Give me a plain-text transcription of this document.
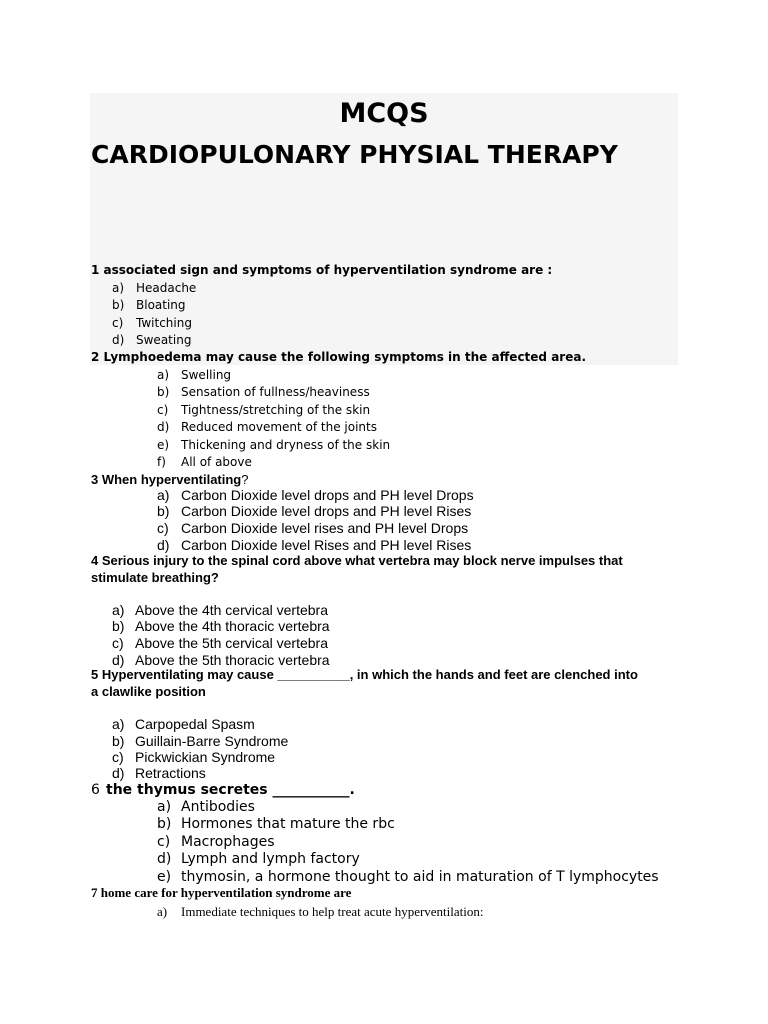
MCQS
CARDIOPULONARY PHYSIAL THERAPY
1 associated sign and symptoms of hyperventilation syndrome are :
a) Headache
b) Bloating
c) Twitching
d) Sweating
2 Lymphoedema may cause the following symptoms in the affected area.
a) Swelling
b) Sensation of fullness/heaviness
c) Tightness/stretching of the skin
d) Reduced movement of the joints
e) Thickening and dryness of the skin
f) All of above
3 When hyperventilating?
a) Carbon Dioxide level drops and PH level Drops
b) Carbon Dioxide level drops and PH level Rises
c) Carbon Dioxide level rises and PH level Drops
d) Carbon Dioxide level Rises and PH level Rises
4 Serious injury to the spinal cord above what vertebra may block nerve impulses that
stimulate breathing?
a) Above the 4th cervical vertebra
b) Above the 4th thoracic vertebra
c) Above the 5th cervical vertebra
d) Above the 5th thoracic vertebra
5 Hyperventilating may cause __________, in which the hands and feet are clenched into
a clawlike position
a) Carpopedal Spasm
b) Guillain-Barre Syndrome
c) Pickwickian Syndrome
d) Retractions
6 the thymus secretes ___________.
a) Antibodies
b) Hormones that mature the rbc
c) Macrophages
d) Lymph and lymph factory
e) thymosin, a hormone thought to aid in maturation of T lymphocytes
7 home care for hyperventilation syndrome are
a) Immediate techniques to help treat acute hyperventilation:
